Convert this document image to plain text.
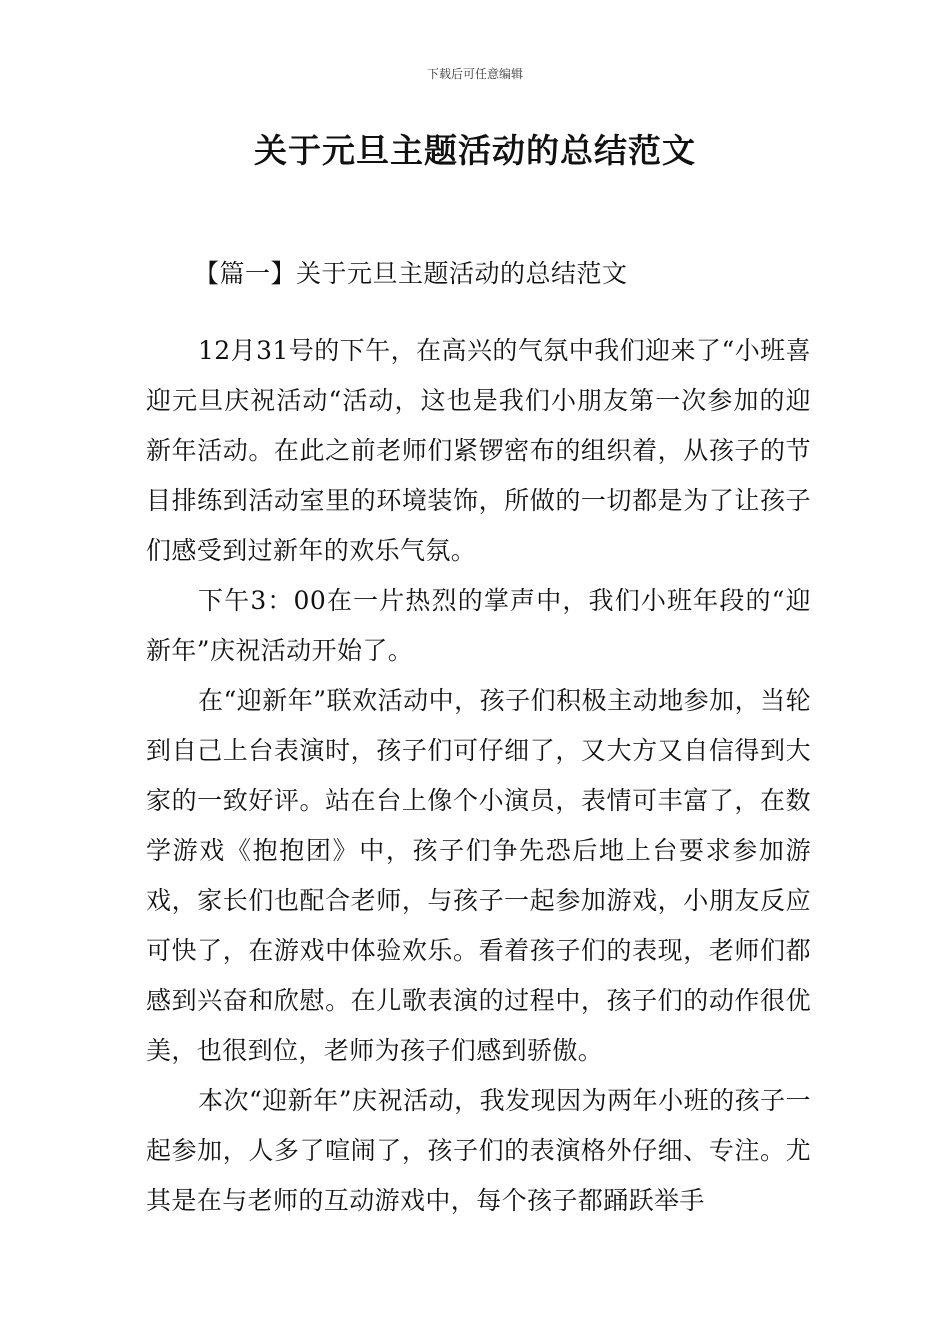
下载后可任意编辑
关于元旦主题活动的总结范文

【篇一】关于元旦主题活动的总结范文

12月31号的下午，在高兴的气氛中我们迎来了“小班喜迎元旦庆祝活动“活动，这也是我们小朋友第一次参加的迎新年活动。在此之前老师们紧锣密布的组织着，从孩子的节目排练到活动室里的环境装饰，所做的一切都是为了让孩子们感受到过新年的欢乐气氛。

下午3：00在一片热烈的掌声中，我们小班年段的“迎新年”庆祝活动开始了。

在“迎新年”联欢活动中，孩子们积极主动地参加，当轮到自己上台表演时，孩子们可仔细了，又大方又自信得到大家的一致好评。站在台上像个小演员，表情可丰富了，在数学游戏《抱抱团》中，孩子们争先恐后地上台要求参加游戏，家长们也配合老师，与孩子一起参加游戏，小朋友反应可快了，在游戏中体验欢乐。看着孩子们的表现，老师们都感到兴奋和欣慰。在儿歌表演的过程中，孩子们的动作很优美，也很到位，老师为孩子们感到骄傲。

本次“迎新年”庆祝活动，我发现因为两年小班的孩子一起参加，人多了喧闹了，孩子们的表演格外仔细、专注。尤其是在与老师的互动游戏中，每个孩子都踊跃举手
